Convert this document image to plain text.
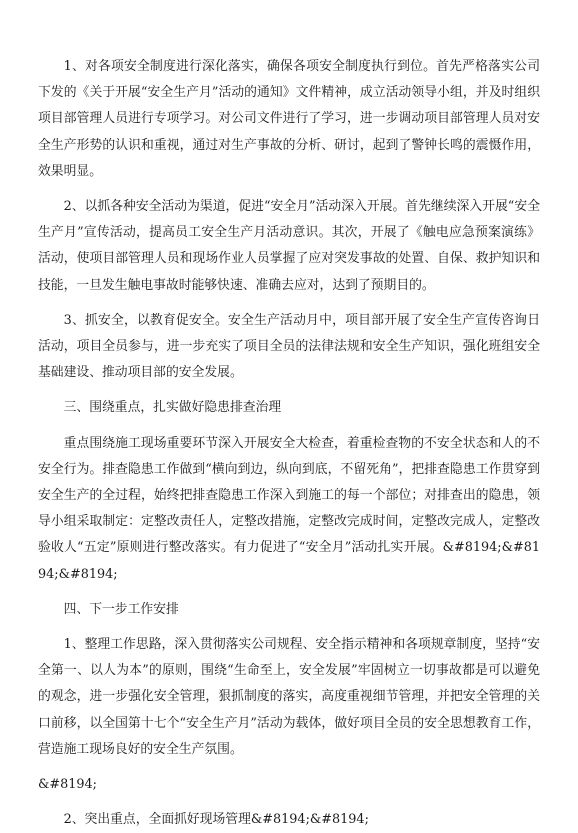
1、对各项安全制度进行深化落实，确保各项安全制度执行到位。首先严格落实公司下发的《关于开展“安全生产月”活动的通知》文件精神，成立活动领导小组，并及时组织项目部管理人员进行专项学习。对公司文件进行了学习，进一步调动项目部管理人员对安全生产形势的认识和重视，通过对生产事故的分析、研讨，起到了警钟长鸣的震慑作用，效果明显。

2、以抓各种安全活动为渠道，促进“安全月”活动深入开展。首先继续深入开展“安全生产月”宣传活动，提高员工安全生产月活动意识。其次，开展了《触电应急预案演练》活动，使项目部管理人员和现场作业人员掌握了应对突发事故的处置、自保、救护知识和技能，一旦发生触电事故时能够快速、准确去应对，达到了预期目的。

3、抓安全，以教育促安全。安全生产活动月中，项目部开展了安全生产宣传咨询日活动，项目全员参与，进一步充实了项目全员的法律法规和安全生产知识，强化班组安全基础建设、推动项目部的安全发展。

三、围绕重点，扎实做好隐患排查治理

重点围绕施工现场重要环节深入开展安全大检查，着重检查物的不安全状态和人的不安全行为。排查隐患工作做到“横向到边，纵向到底，不留死角”，把排查隐患工作贯穿到安全生产的全过程，始终把排查隐患工作深入到施工的每一个部位；对排查出的隐患，领导小组采取制定：定整改责任人，定整改措施，定整改完成时间，定整改完成人，定整改验收人“五定”原则进行整改落实。有力促进了“安全月”活动扎实开展。&#8194;&#8194;&#8194;

四、下一步工作安排

1、整理工作思路，深入贯彻落实公司规程、安全指示精神和各项规章制度，坚持“安全第一、以人为本”的原则，围绕“生命至上，安全发展”牢固树立一切事故都是可以避免的观念，进一步强化安全管理，狠抓制度的落实，高度重视细节管理，并把安全管理的关口前移，以全国第十七个“安全生产月”活动为载体，做好项目全员的安全思想教育工作，营造施工现场良好的安全生产氛围。

&#8194;

2、突出重点，全面抓好现场管理&#8194;&#8194;
